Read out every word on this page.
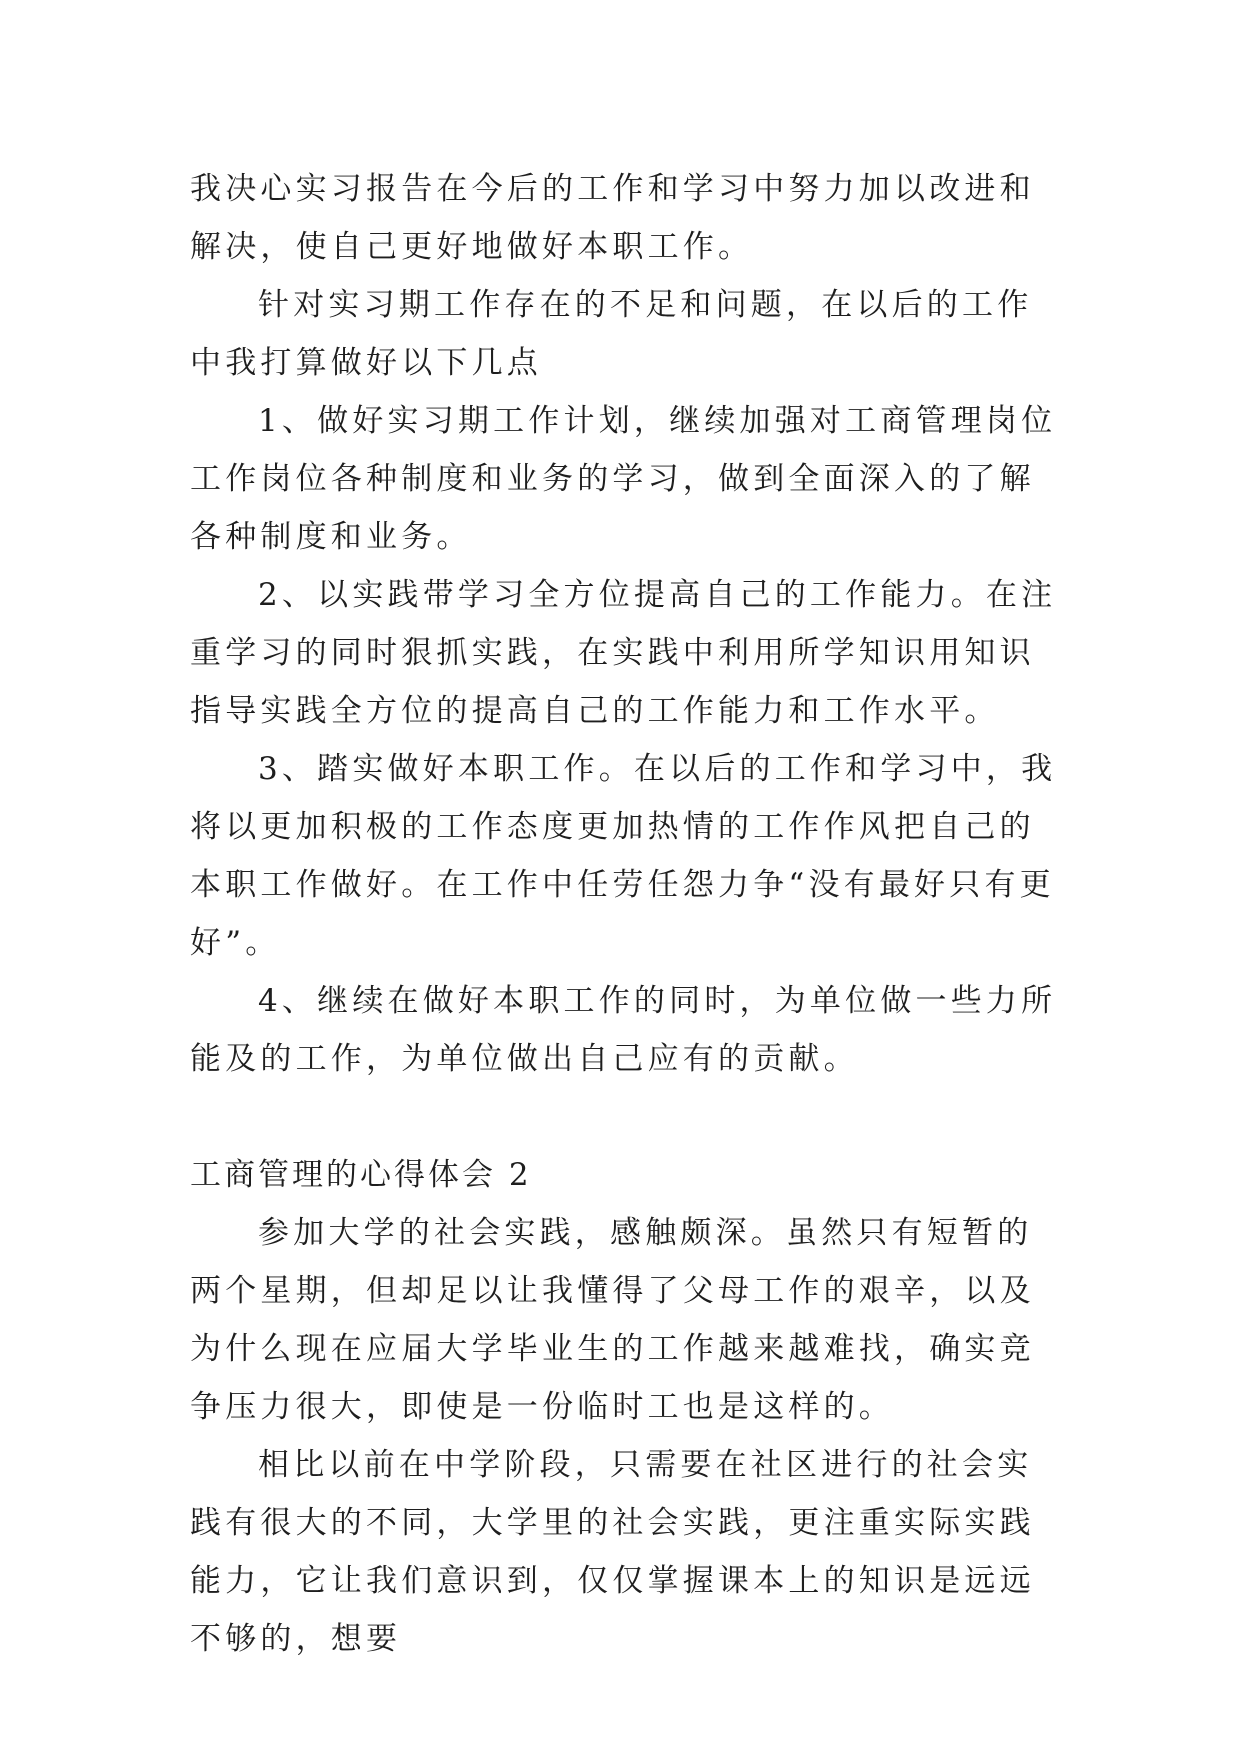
我决心实习报告在今后的工作和学习中努力加以改进和解决，使自己更好地做好本职工作。

针对实习期工作存在的不足和问题，在以后的工作中我打算做好以下几点

1、做好实习期工作计划，继续加强对工商管理岗位工作岗位各种制度和业务的学习，做到全面深入的了解各种制度和业务。

2、以实践带学习全方位提高自己的工作能力。在注重学习的同时狠抓实践，在实践中利用所学知识用知识指导实践全方位的提高自己的工作能力和工作水平。

3、踏实做好本职工作。在以后的工作和学习中，我将以更加积极的工作态度更加热情的工作作风把自己的本职工作做好。在工作中任劳任怨力争“没有最好只有更好”。

4、继续在做好本职工作的同时，为单位做一些力所能及的工作，为单位做出自己应有的贡献。

工商管理的心得体会 2

参加大学的社会实践，感触颇深。虽然只有短暂的两个星期，但却足以让我懂得了父母工作的艰辛，以及为什么现在应届大学毕业生的工作越来越难找，确实竞争压力很大，即使是一份临时工也是这样的。

相比以前在中学阶段，只需要在社区进行的社会实践有很大的不同，大学里的社会实践，更注重实际实践能力，它让我们意识到，仅仅掌握课本上的知识是远远不够的，想要
